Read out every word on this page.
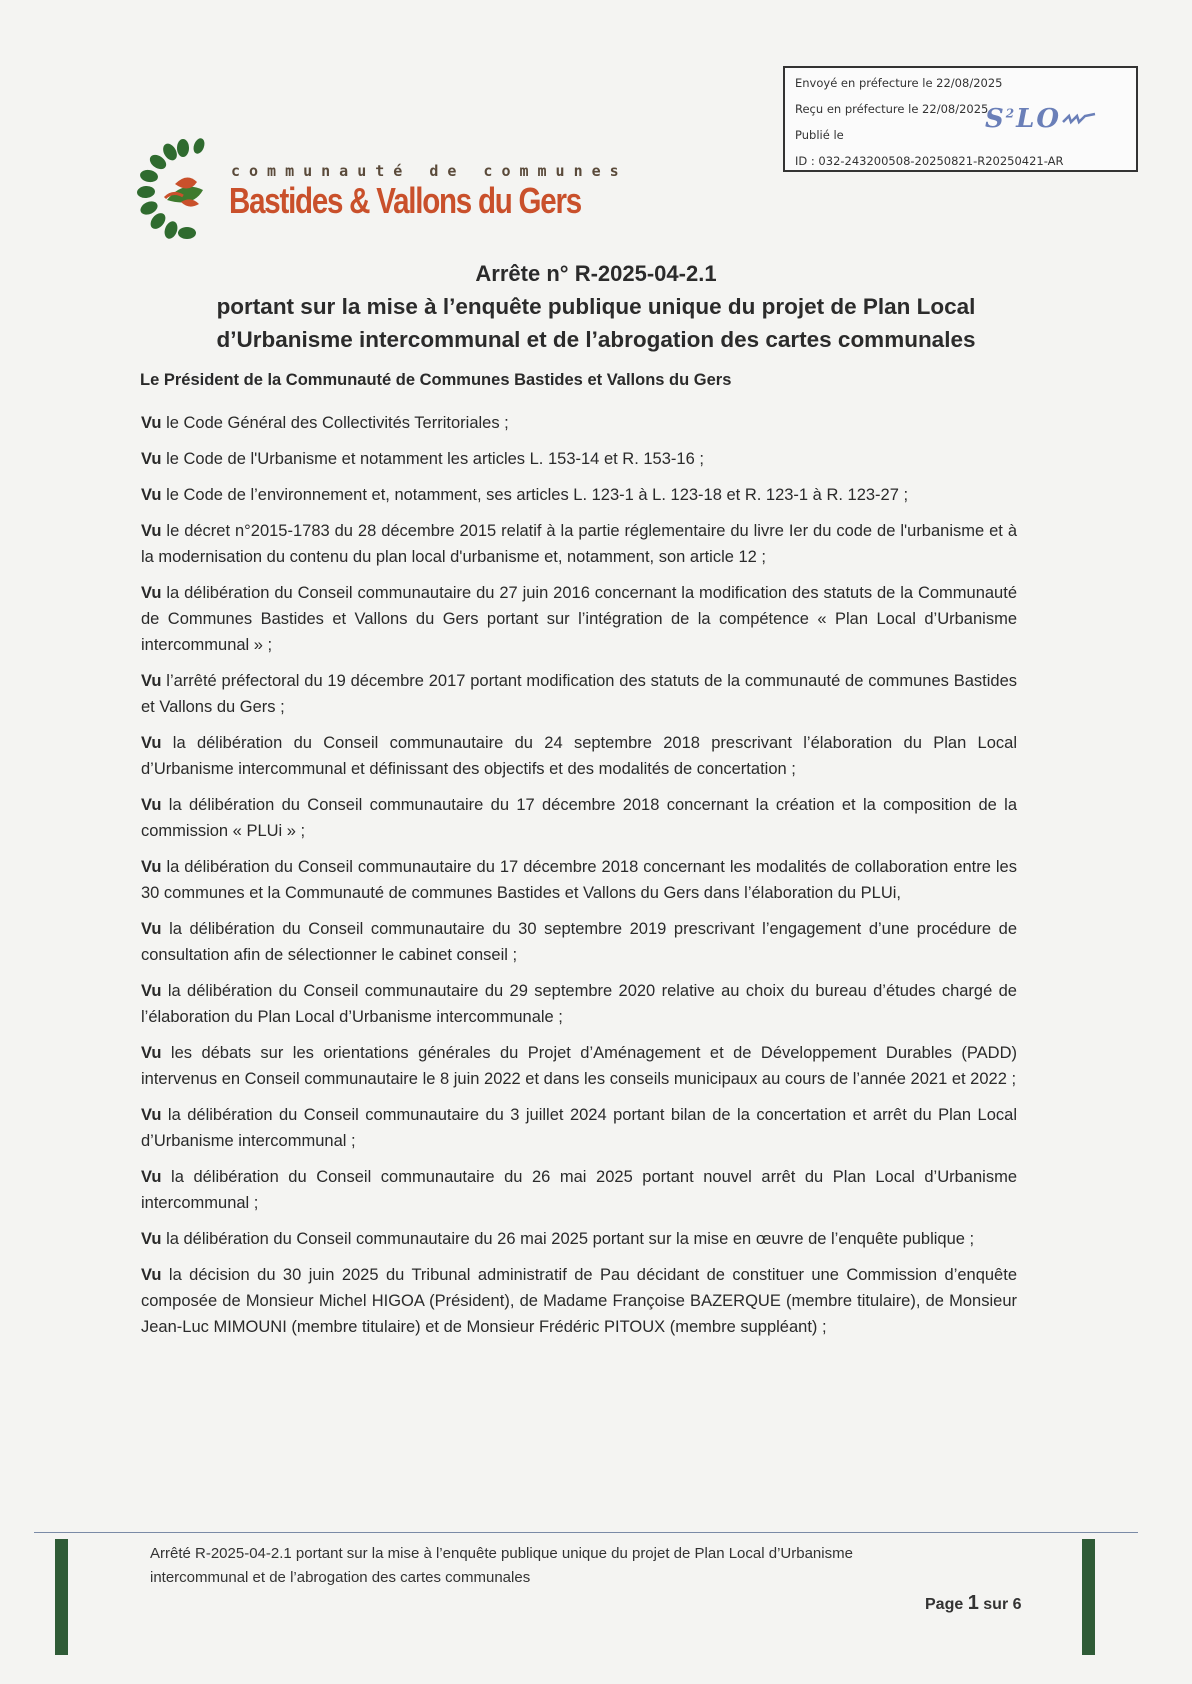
Envoyé en préfecture le 22/08/2025
Reçu en préfecture le 22/08/2025
Publié le
ID : 032-243200508-20250821-R20250421-AR
$S^2LO$
communauté de communes
Bastides & Vallons du Gers
Arrête n° R-2025-04-2.1
portant sur la mise à l’enquête publique unique du projet de Plan Local
d’Urbanisme intercommunal et de l’abrogation des cartes communales
Le Président de la Communauté de Communes Bastides et Vallons du Gers

Vu le Code Général des Collectivités Territoriales ;

Vu le Code de l'Urbanisme et notamment les articles L. 153-14 et R. 153-16 ;

Vu le Code de l’environnement et, notamment, ses articles L. 123-1 à L. 123-18 et R. 123-1 à R. 123-27 ;

Vu le décret n°2015-1783 du 28 décembre 2015 relatif à la partie réglementaire du livre Ier du code de l'urbanisme et à la modernisation du contenu du plan local d'urbanisme et, notamment, son article 12 ;

Vu la délibération du Conseil communautaire du 27 juin 2016 concernant la modification des statuts de la Communauté de Communes Bastides et Vallons du Gers portant sur l’intégration de la compétence « Plan Local d’Urbanisme intercommunal » ;

Vu l’arrêté préfectoral du 19 décembre 2017 portant modification des statuts de la communauté de communes Bastides et Vallons du Gers ;

Vu la délibération du Conseil communautaire du 24 septembre 2018 prescrivant l’élaboration du Plan Local d’Urbanisme intercommunal et définissant des objectifs et des modalités de concertation ;

Vu la délibération du Conseil communautaire du 17 décembre 2018 concernant la création et la composition de la commission « PLUi » ;

Vu la délibération du Conseil communautaire du 17 décembre 2018 concernant les modalités de collaboration entre les 30 communes et la Communauté de communes Bastides et Vallons du Gers dans l’élaboration du PLUi,

Vu la délibération du Conseil communautaire du 30 septembre 2019 prescrivant l’engagement d’une procédure de consultation afin de sélectionner le cabinet conseil ;

Vu la délibération du Conseil communautaire du 29 septembre 2020 relative au choix du bureau d’études chargé de l’élaboration du Plan Local d’Urbanisme intercommunale ;

Vu les débats sur les orientations générales du Projet d’Aménagement et de Développement Durables (PADD) intervenus en Conseil communautaire le 8 juin 2022 et dans les conseils municipaux au cours de l’année 2021 et 2022 ;

Vu la délibération du Conseil communautaire du 3 juillet 2024 portant bilan de la concertation et arrêt du Plan Local d’Urbanisme intercommunal ;

Vu la délibération du Conseil communautaire du 26 mai 2025 portant nouvel arrêt du Plan Local d’Urbanisme intercommunal ;

Vu la délibération du Conseil communautaire du 26 mai 2025 portant sur la mise en œuvre de l’enquête publique ;

Vu la décision du 30 juin 2025 du Tribunal administratif de Pau décidant de constituer une Commission d’enquête composée de Monsieur Michel HIGOA (Président), de Madame Françoise BAZERQUE (membre titulaire), de Monsieur Jean-Luc MIMOUNI (membre titulaire) et de Monsieur Frédéric PITOUX (membre suppléant) ;

Arrêté R-2025-04-2.1 portant sur la mise à l’enquête publique unique du projet de Plan Local d’Urbanisme
intercommunal et de l’abrogation des cartes communales
Page 1 sur 6
